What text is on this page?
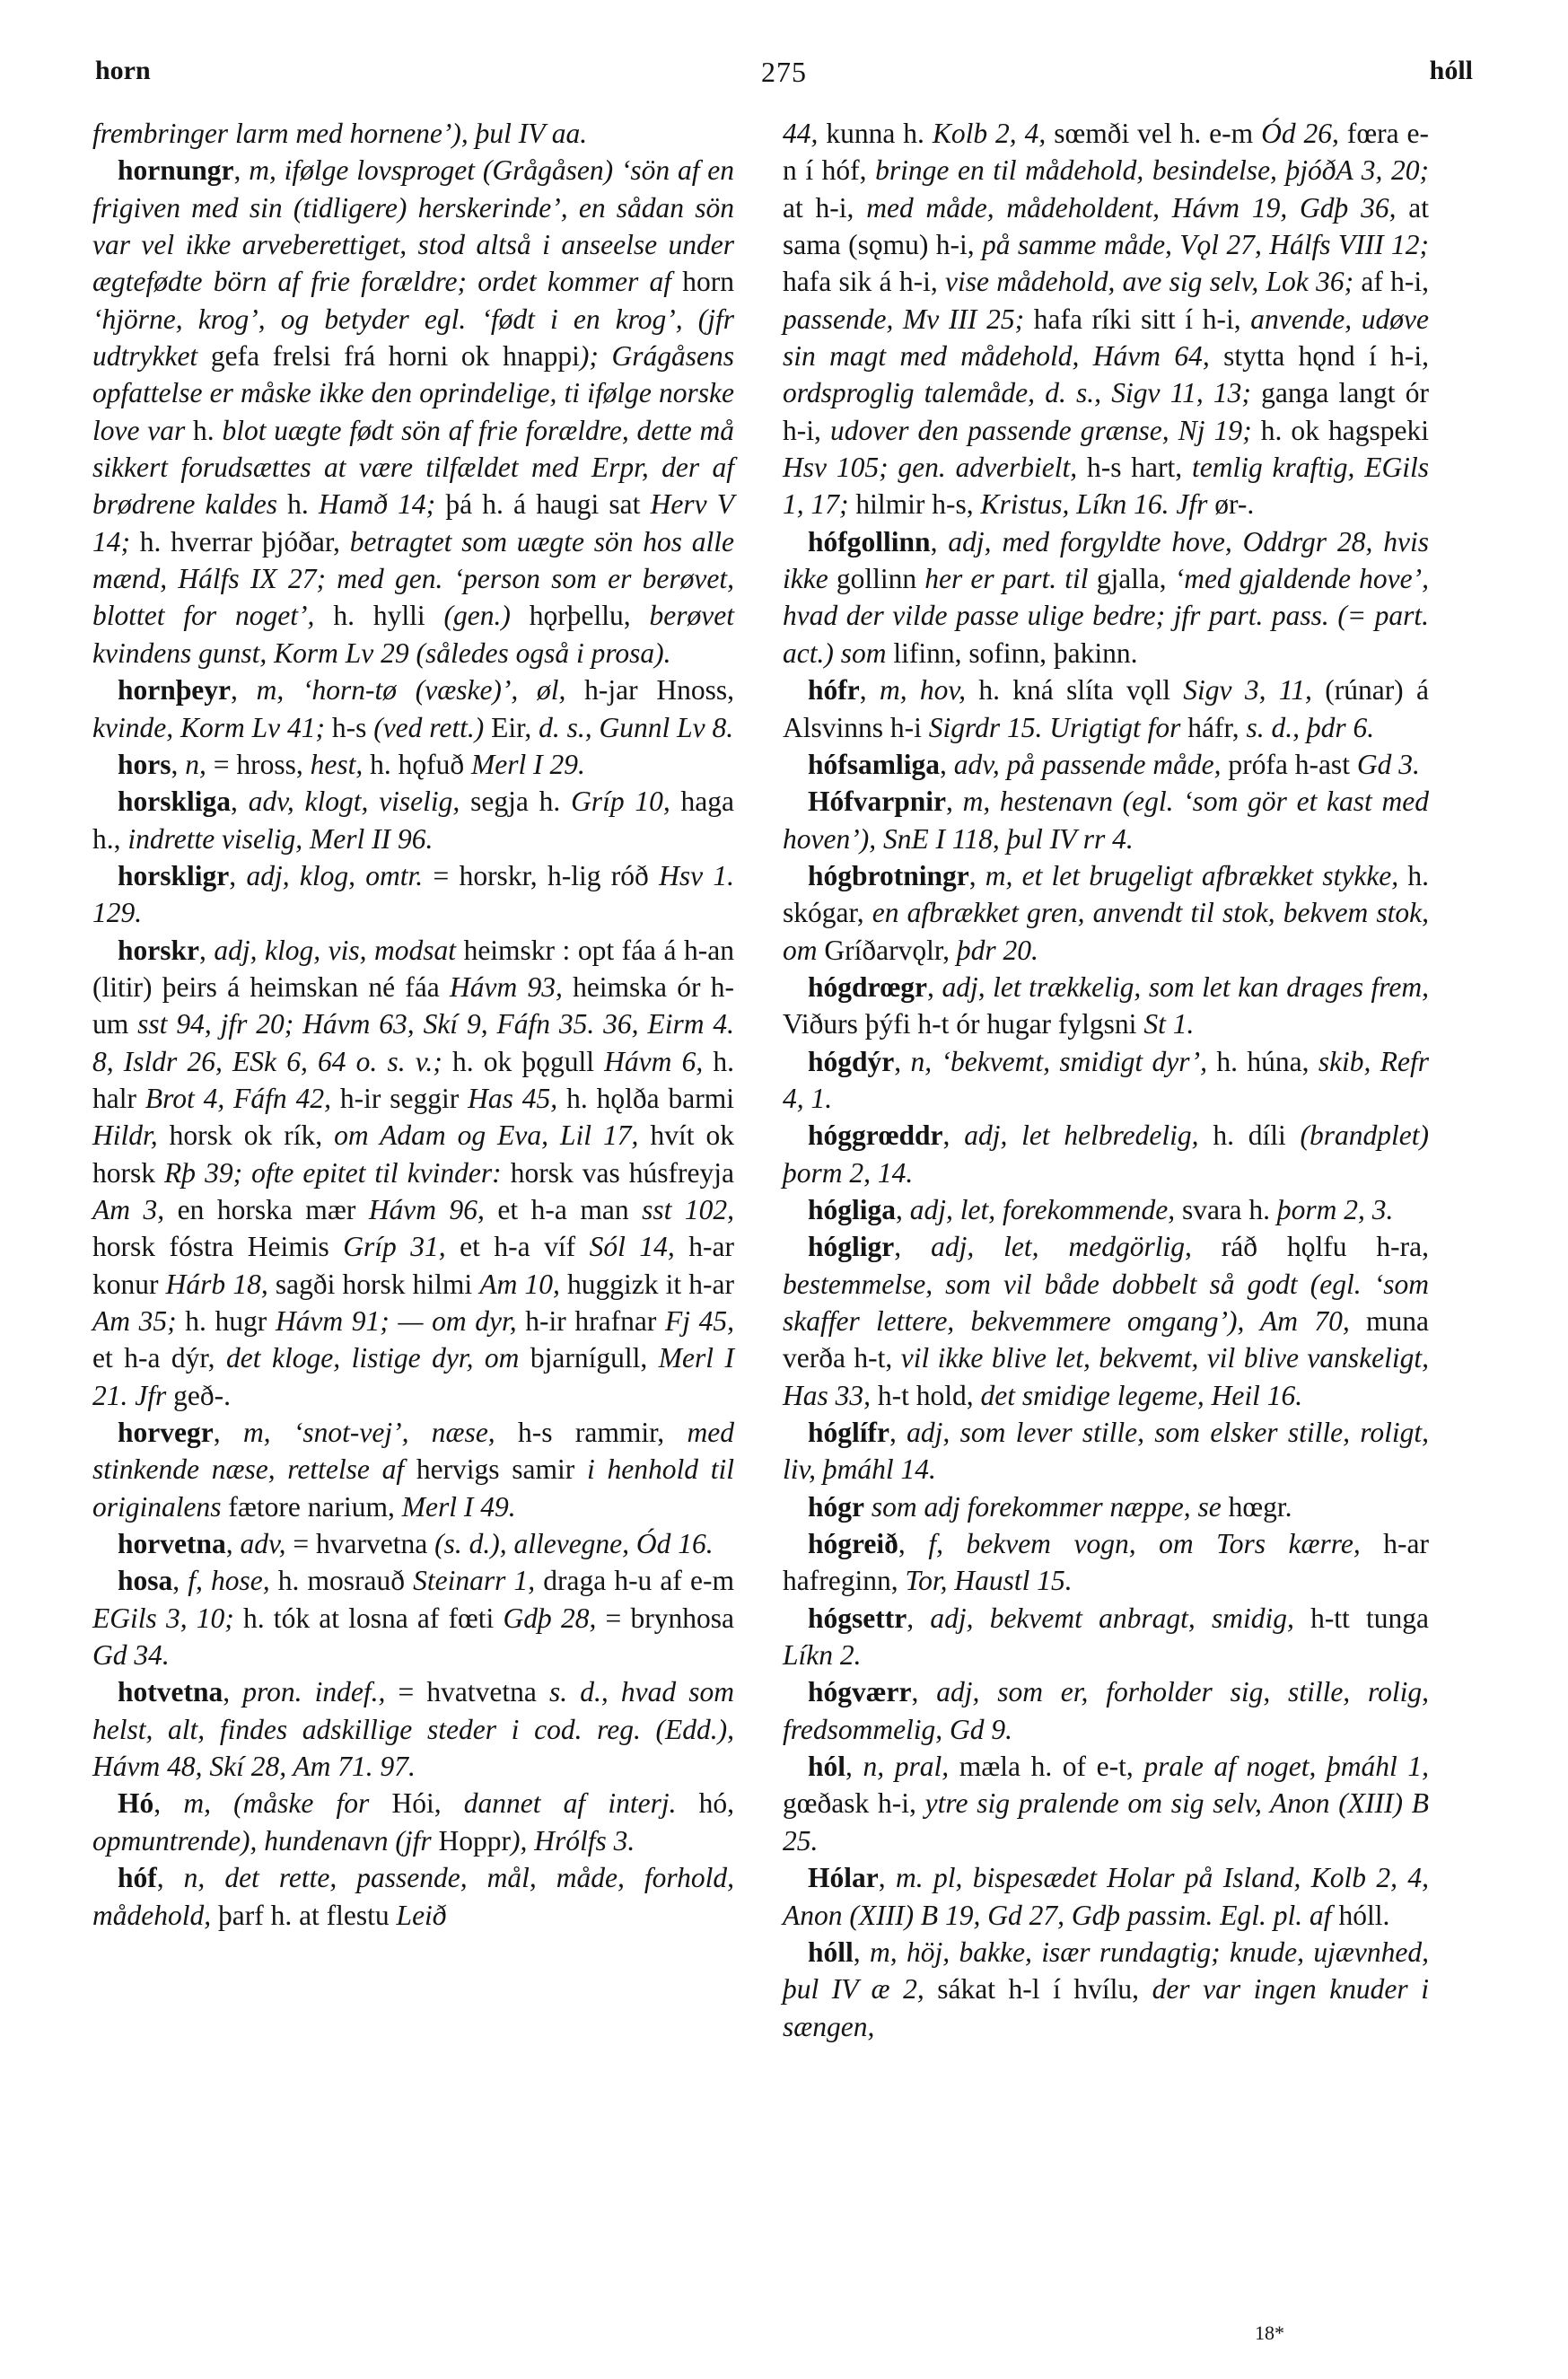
horn	275	hóll

frembringer larm med hornene’), þul IV aa.

hornungr, m, ifølge lovsproget (Grågåsen) ‘sön af en frigiven med sin (tidligere) herskerinde’, en sådan sön var vel ikke arveberettiget, stod altså i anseelse under ægtefødte börn af frie forældre; ordet kommer af horn ‘hjörne, krog’, og betyder egl. ‘født i en krog’, (jfr udtrykket gefa frelsi frá horni ok hnappi); Grágåsens opfattelse er måske ikke den oprindelige, ti ifølge norske love var h. blot uægte født sön af frie forældre, dette må sikkert forudsættes at være tilfældet med Erpr, der af brødrene kaldes h. Hamð 14; þá h. á haugi sat Herv V 14; h. hverrar þjóðar, betragtet som uægte sön hos alle mænd, Hálfs IX 27; med gen. ‘person som er berøvet, blottet for noget’, h. hylli (gen.) hǫrþellu, berøvet kvindens gunst, Korm Lv 29 (således også i prosa).

hornþeyr, m, ‘horn-tø (væske)’, øl, h-jar Hnoss, kvinde, Korm Lv 41; h-s (ved rett.) Eir, d. s., Gunnl Lv 8.

hors, n, = hross, hest, h. hǫfuð Merl I 29.

horskliga, adv, klogt, viselig, segja h. Gríp 10, haga h., indrette viselig, Merl II 96.

horskligr, adj, klog, omtr. = horskr, h-lig róð Hsv 1. 129.

horskr, adj, klog, vis, modsat heimskr : opt fáa á h-an (litir) þeirs á heimskan né fáa Hávm 93, heimska ór h-um sst 94, jfr 20; Hávm 63, Skí 9, Fáfn 35. 36, Eirm 4. 8, Isldr 26, ESk 6, 64 o. s. v.; h. ok þǫgull Hávm 6, h. halr Brot 4, Fáfn 42, h-ir seggir Has 45, h. hǫlða barmi Hildr, horsk ok rík, om Adam og Eva, Lil 17, hvít ok horsk Rþ 39; ofte epitet til kvinder: horsk vas húsfreyja Am 3, en horska mær Hávm 96, et h-a man sst 102, horsk fóstra Heimis Gríp 31, et h-a víf Sól 14, h-ar konur Hárb 18, sagði horsk hilmi Am 10, huggizk it h-ar Am 35; h. hugr Hávm 91; — om dyr, h-ir hrafnar Fj 45, et h-a dýr, det kloge, listige dyr, om bjarnígull, Merl I 21. Jfr geð-.

horvegr, m, ‘snot-vej’, næse, h-s rammir, med stinkende næse, rettelse af hervigs samir i henhold til originalens fætore narium, Merl I 49.

horvetna, adv, = hvarvetna (s. d.), allevegne, Ód 16.

hosa, f, hose, h. mosrauð Steinarr 1, draga h-u af e-m EGils 3, 10; h. tók at losna af fœti Gdþ 28, = brynhosa Gd 34.

hotvetna, pron. indef., = hvatvetna s. d., hvad som helst, alt, findes adskillige steder i cod. reg. (Edd.), Hávm 48, Skí 28, Am 71. 97.

Hó, m, (måske for Hói, dannet af interj. hó, opmuntrende), hundenavn (jfr Hoppr), Hrólfs 3.

hóf, n, det rette, passende, mål, måde, forhold, mådehold, þarf h. at flestu Leið

44, kunna h. Kolb 2, 4, sœmði vel h. e-m Ód 26, fœra e-n í hóf, bringe en til mådehold, besindelse, þjóðA 3, 20; at h-i, med måde, mådeholdent, Hávm 19, Gdþ 36, at sama (sǫmu) h-i, på samme måde, Vǫl 27, Hálfs VIII 12; hafa sik á h-i, vise mådehold, ave sig selv, Lok 36; af h-i, passende, Mv III 25; hafa ríki sitt í h-i, anvende, udøve sin magt med mådehold, Hávm 64, stytta hǫnd í h-i, ordsproglig talemåde, d. s., Sigv 11, 13; ganga langt ór h-i, udover den passende grænse, Nj 19; h. ok hagspeki Hsv 105; gen. adverbielt, h-s hart, temlig kraftig, EGils 1, 17; hilmir h-s, Kristus, Líkn 16. Jfr ør-.

hófgollinn, adj, med forgyldte hove, Oddrgr 28, hvis ikke gollinn her er part. til gjalla, ‘med gjaldende hove’, hvad der vilde passe ulige bedre; jfr part. pass. (= part. act.) som lifinn, sofinn, þakinn.

hófr, m, hov, h. kná slíta vǫll Sigv 3, 11, (rúnar) á Alsvinns h-i Sigrdr 15. Urigtigt for háfr, s. d., þdr 6.

hófsamliga, adv, på passende måde, prófa h-ast Gd 3.

Hófvarpnir, m, hestenavn (egl. ‘som gör et kast med hoven’), SnE I 118, þul IV rr 4.

hógbrotningr, m, et let brugeligt afbrækket stykke, h. skógar, en afbrækket gren, anvendt til stok, bekvem stok, om Gríðarvǫlr, þdr 20.

hógdrœgr, adj, let trækkelig, som let kan drages frem, Viðurs þýfi h-t ór hugar fylgsni St 1.

hógdýr, n, ‘bekvemt, smidigt dyr’, h. húna, skib, Refr 4, 1.

hóggrœddr, adj, let helbredelig, h. díli (brandplet) þorm 2, 14.

hógliga, adj, let, forekommende, svara h. þorm 2, 3.

hógligr, adj, let, medgörlig, ráð hǫlfu h-ra, bestemmelse, som vil både dobbelt så godt (egl. ‘som skaffer lettere, bekvemmere omgang’), Am 70, muna verða h-t, vil ikke blive let, bekvemt, vil blive vanskeligt, Has 33, h-t hold, det smidige legeme, Heil 16.

hóglífr, adj, som lever stille, som elsker stille, roligt, liv, þmáhl 14.

hógr som adj forekommer næppe, se hœgr.

hógreið, f, bekvem vogn, om Tors kærre, h-ar hafreginn, Tor, Haustl 15.

hógsettr, adj, bekvemt anbragt, smidig, h-tt tunga Líkn 2.

hógværr, adj, som er, forholder sig, stille, rolig, fredsommelig, Gd 9.

hól, n, pral, mæla h. of e-t, prale af noget, þmáhl 1, gœðask h-i, ytre sig pralende om sig selv, Anon (XIII) B 25.

Hólar, m. pl, bispesædet Holar på Island, Kolb 2, 4, Anon (XIII) B 19, Gd 27, Gdþ passim. Egl. pl. af hóll.

hóll, m, höj, bakke, især rundagtig; knude, ujævnhed, þul IV æ 2, sákat h-l í hvílu, der var ingen knuder i sængen,

18*
